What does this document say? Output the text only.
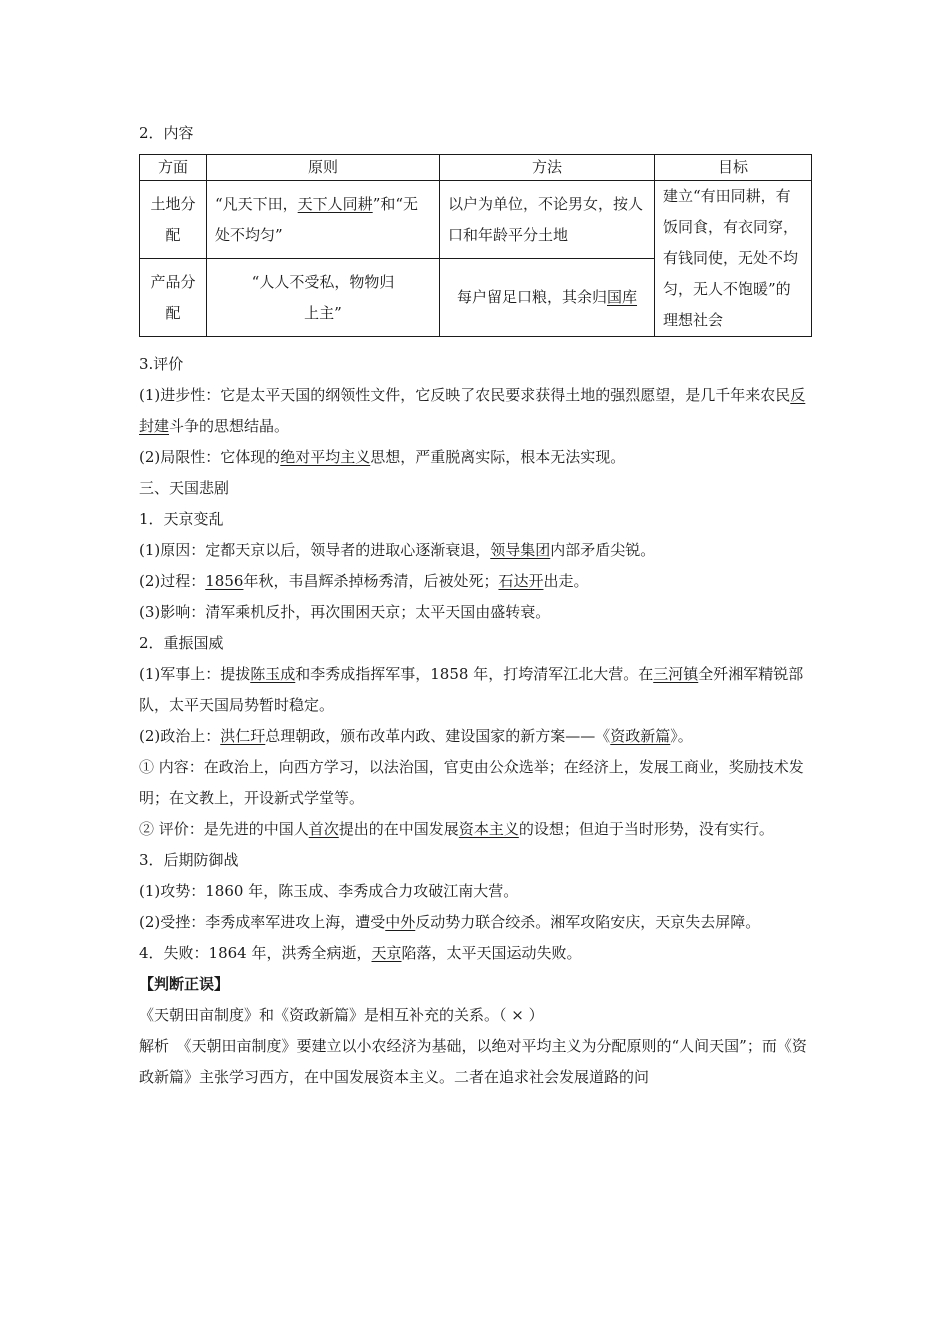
2．内容
方面	原则	方法	目标
土地分配	“凡天下田，天下人同耕”和“无处不均匀”	以户为单位，不论男女，按人口和年龄平分土地	建立“有田同耕，有饭同食，有衣同穿，有钱同使，无处不均匀，无人不饱暖”的理想社会
产品分配	“人人不受私，物物归上主”	每户留足口粮，其余归国库	
3.评价
(1)进步性：它是太平天国的纲领性文件，它反映了农民要求获得土地的强烈愿望，是几千年来农民反封建斗争的思想结晶。
(2)局限性：它体现的绝对平均主义思想，严重脱离实际，根本无法实现。
三、天国悲剧
1．天京变乱
(1)原因：定都天京以后，领导者的进取心逐渐衰退，领导集团内部矛盾尖锐。
(2)过程：1856年秋，韦昌辉杀掉杨秀清，后被处死；石达开出走。
(3)影响：清军乘机反扑，再次围困天京；太平天国由盛转衰。
2．重振国威
(1)军事上：提拔陈玉成和李秀成指挥军事，1858 年，打垮清军江北大营。在三河镇全歼湘军精锐部队，太平天国局势暂时稳定。
(2)政治上：洪仁玕总理朝政，颁布改革内政、建设国家的新方案——《资政新篇》。
① 内容：在政治上，向西方学习，以法治国，官吏由公众选举；在经济上，发展工商业，奖励技术发明；在文教上，开设新式学堂等。
② 评价：是先进的中国人首次提出的在中国发展资本主义的设想；但迫于当时形势，没有实行。
3．后期防御战
(1)攻势：1860 年，陈玉成、李秀成合力攻破江南大营。
(2)受挫：李秀成率军进攻上海，遭受中外反动势力联合绞杀。湘军攻陷安庆，天京失去屏障。
4．失败：1864 年，洪秀全病逝，天京陷落，太平天国运动失败。
【判断正误】
《天朝田亩制度》和《资政新篇》是相互补充的关系。（ × ）
解析　《天朝田亩制度》要建立以小农经济为基础，以绝对平均主义为分配原则的“人间天国”；而《资政新篇》主张学习西方，在中国发展资本主义。二者在追求社会发展道路的问
